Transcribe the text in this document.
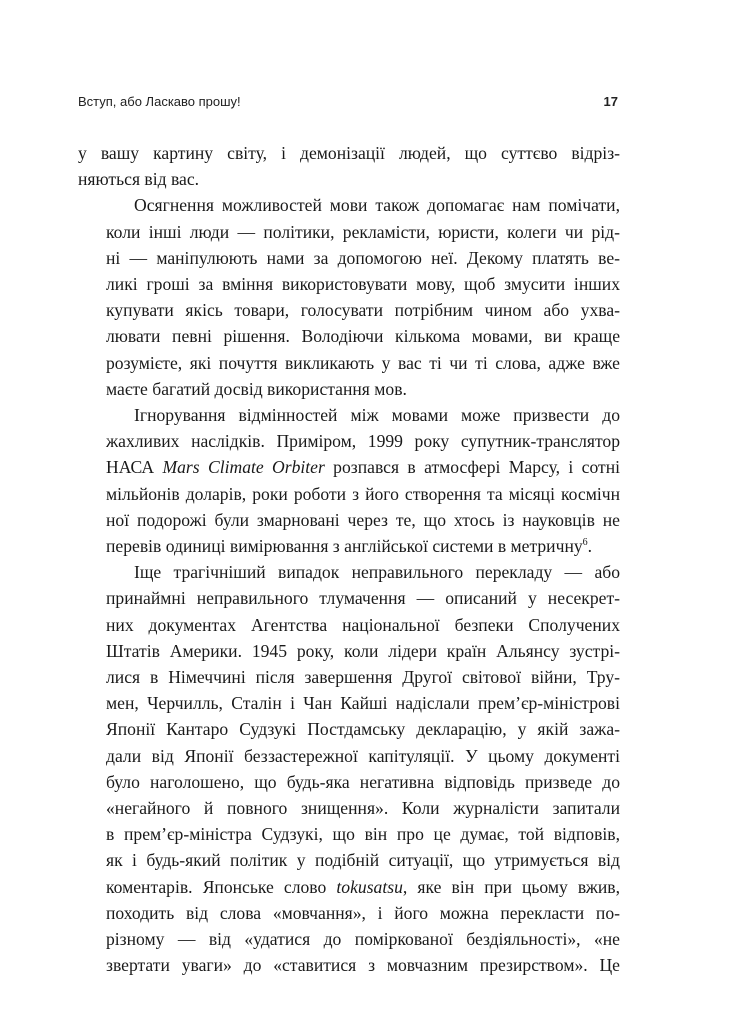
Вступ, або Ласкаво прошу!	17
у вашу картину світу, і демонізації людей, що суттєво відріз-
няються від вас.
Осягнення можливостей мови також допомагає нам помічати,
коли інші люди — політики, рекламісти, юристи, колеги чи рід-
ні — маніпулюють нами за допомогою неї. Декому платять ве-
ликі гроші за вміння використовувати мову, щоб змусити інших
купувати якісь товари, голосувати потрібним чином або ухва-
лювати певні рішення. Володіючи кількома мовами, ви краще
розумієте, які почуття викликають у вас ті чи ті слова, адже вже
маєте багатий досвід використання мов.
Ігнорування відмінностей між мовами може призвести до
жахливих наслідків. Приміром, 1999 року супутник-транслятор
НАСА Mars Climate Orbiter розпався в атмосфері Марсу, і сотні
мільйонів доларів, роки роботи з його створення та місяці космічн
ної подорожі були змарновані через те, що хтось із науковців не
перевів одиниці вимірювання з англійської системи в метричну$^6$.
Іще трагічніший випадок неправильного перекладу — або
принаймні неправильного тлумачення — описаний у несекрет-
них документах Агентства національної безпеки Сполучених
Штатів Америки. 1945 року, коли лідери країн Альянсу зустрі-
лися в Німеччині після завершення Другої світової війни, Тру-
мен, Черчилль, Сталін і Чан Кайші надіслали прем’єр-міністрові
Японії Кантаро Судзукі Постдамську декларацію, у якій зажа-
дали від Японії беззастережної капітуляції. У цьому документі
було наголошено, що будь-яка негативна відповідь призведе до
«негайного й повного знищення». Коли журналісти запитали
в прем’єр-міністра Судзукі, що він про це думає, той відповів,
як і будь-який політик у подібній ситуації, що утримується від
коментарів. Японське слово tokusatsu, яке він при цьому вжив,
походить від слова «мовчання», і його можна перекласти по-
різному — від «удатися до поміркованої бездіяльності», «не
звертати уваги» до «ставитися з мовчазним презирством». Це
